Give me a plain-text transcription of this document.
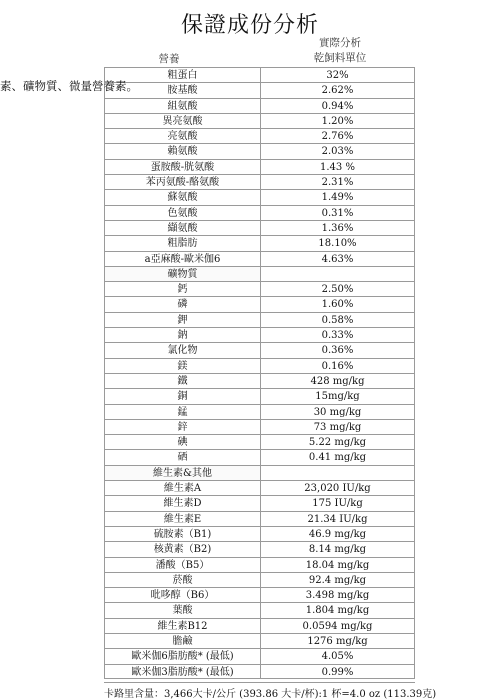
保證成份分析
實際分析
乾飼料單位
營養
素、礦物質、微量營養素。
粗蛋白	32%
胺基酸	2.62%
組氨酸	0.94%
異亮氨酸	1.20%
亮氨酸	2.76%
賴氨酸	2.03%
蛋胺酸-胱氨酸	1.43 %
苯丙氨酸-酪氨酸	2.31%
蘇氨酸	1.49%
色氨酸	0.31%
纈氨酸	1.36%
粗脂肪	18.10%
a亞麻酸-歐米伽6	4.63%
礦物質
鈣	2.50%
磷	1.60%
鉀	0.58%
鈉	0.33%
氯化物	0.36%
鎂	0.16%
鐵	428 mg/kg
銅	15mg/kg
錳	30 mg/kg
鋅	73 mg/kg
碘	5.22 mg/kg
硒	0.41 mg/kg
維生素&其他
維生素A	23,020 IU/kg
維生素D	175 IU/kg
維生素E	21.34 IU/kg
硫胺素（B1)	46.9 mg/kg
核黄素（B2)	8.14 mg/kg
潘酸（B5）	18.04 mg/kg
菸酸	92.4 mg/kg
吡哆醇（B6）	3.498 mg/kg
葉酸	1.804 mg/kg
維生素B12	0.0594 mg/kg
膽鹼	1276 mg/kg
歐米伽6脂肪酸* (最低)	4.05%
歐米伽3脂肪酸* (最低)	0.99%
卡路里含量：3,466大卡/公斤 (393.86 大卡/杯):1 杯=4.0 oz (113.39克)
